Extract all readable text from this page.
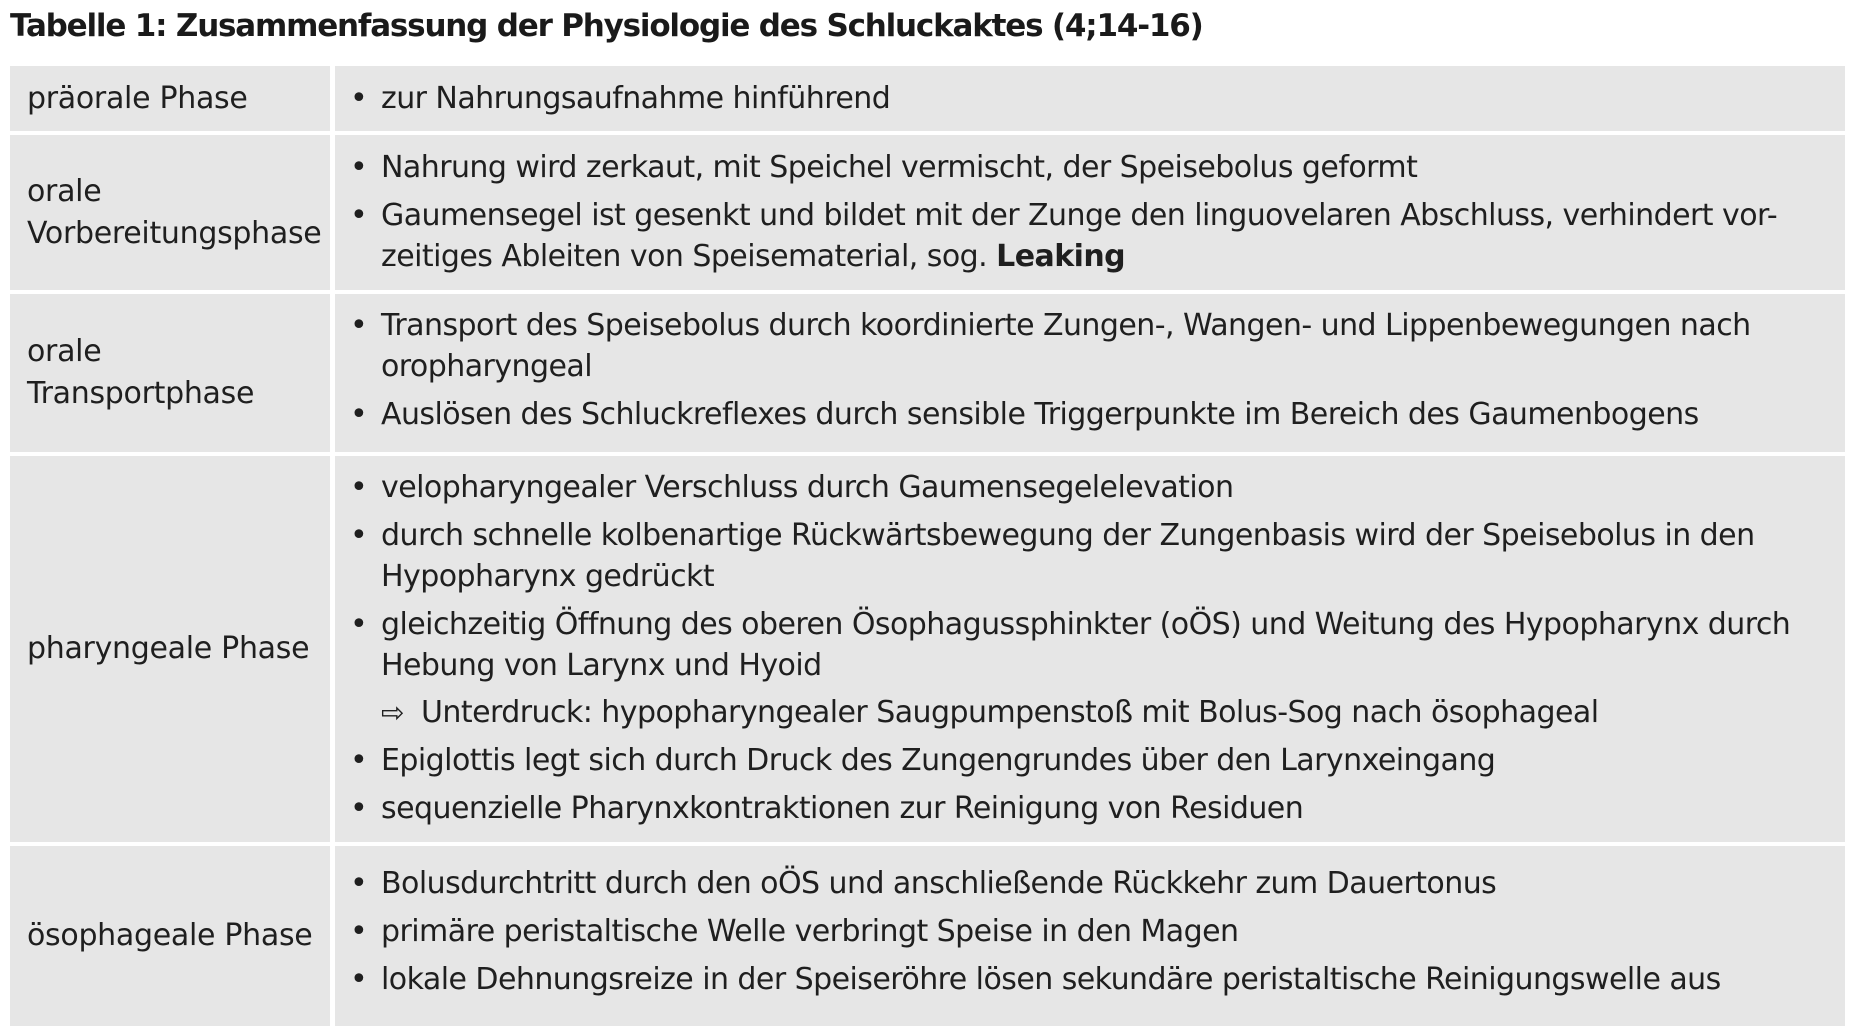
Tabelle 1: Zusammenfassung der Physiologie des Schluckaktes (4;14-16)
präorale Phase	• zur Nahrungsaufnahme hinführend
orale Vorbereitungsphase
• Nahrung wird zerkaut, mit Speichel vermischt, der Speisebolus geformt
• Gaumensegel ist gesenkt und bildet mit der Zunge den linguovelaren Abschluss, verhindert vor-zeitiges Ableiten von Speisematerial, sog. Leaking
orale Transportphase
• Transport des Speisebolus durch koordinierte Zungen-, Wangen- und Lippenbewegungen nach oropharyngeal
• Auslösen des Schluckreflexes durch sensible Triggerpunkte im Bereich des Gaumenbogens
pharyngeale Phase
• velopharyngealer Verschluss durch Gaumensegelelevation
• durch schnelle kolbenartige Rückwärtsbewegung der Zungenbasis wird der Speisebolus in den Hypopharynx gedrückt
• gleichzeitig Öffnung des oberen Ösophagussphinkter (oÖS) und Weitung des Hypopharynx durch Hebung von Larynx und Hyoid
⇨ Unterdruck: hypopharyngealer Saugpumpenstoß mit Bolus-Sog nach ösophageal
• Epiglottis legt sich durch Druck des Zungengrundes über den Larynxeingang
• sequenzielle Pharynxkontraktionen zur Reinigung von Residuen
ösophageale Phase
• Bolusdurchtritt durch den oÖS und anschließende Rückkehr zum Dauertonus
• primäre peristaltische Welle verbringt Speise in den Magen
• lokale Dehnungsreize in der Speiseröhre lösen sekundäre peristaltische Reinigungswelle aus
